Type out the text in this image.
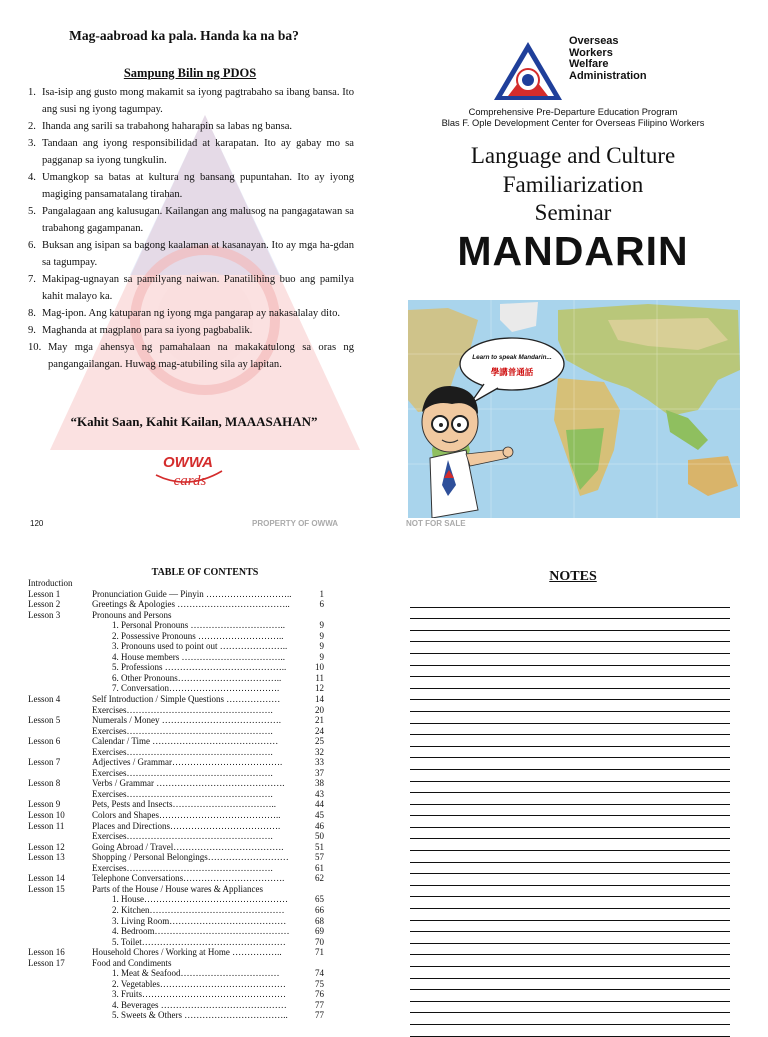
Mag-aabroad ka pala. Handa ka na ba?
Sampung Bilin ng PDOS
1. Isa-isip ang gusto mong makamit sa iyong pagtrabaho sa ibang bansa. Ito ang susi ng iyong tagumpay.
2. Ihanda ang sarili sa trabahong haharapin sa labas ng bansa.
3. Tandaan ang iyong responsibilidad at karapatan. Ito ay gabay mo sa pagganap sa iyong tungkulin.
4. Umangkop sa batas at kultura ng bansang pupuntahan. Ito ay iyong magiging pansamatalang tirahan.
5. Pangalagaan ang kalusugan. Kailangan ang malusog na pangagatawan sa trabahong gagampanan.
6. Buksan ang isipan sa bagong kaalaman at kasanayan. Ito ay mga ha-gdan sa tagumpay.
7. Makipag-ugnayan sa pamilyang naiwan. Panatilihing buo ang pamilya kahit malayo ka.
8. Mag-ipon. Ang katuparan ng iyong mga pangarap ay nakasalalay dito.
9. Maghanda at magplano para sa iyong pagbabalik.
10. May mga ahensya ng pamahalaan na makakatulong sa oras ng pangangailangan. Huwag mag-atubiling sila ay lapitan.
“Kahit Saan, Kahit Kailan, MAAASAHAN”
OWWA
cards
120	PROPERTY OF OWWA	NOT FOR SALE
Overseas
Workers
Welfare
Administration
Comprehensive Pre-Departure Education Program
Blas F. Ople Development Center for Overseas Filipino Workers
Language and Culture
Familiarization
Seminar
MANDARIN
Learn to speak Mandarin...
學講普通話
TABLE OF CONTENTS
Introduction
Lesson 1	Pronunciation Guide — Pinyin ………………………..	1
Lesson 2	Greetings & Apologies ………………………………..	6
Lesson 3	Pronouns and Persons
1. Personal Pronouns …………………………..	9
2. Possessive Pronouns ………………………..	9
3. Pronouns used to point out …………………..	9
4. House members ……………………………..	9
5. Professions …………………………………..	10
6. Other Pronouns……………………………..	11
7. Conversation……………………………….	12
Lesson 4	Self Introduction / Simple Questions ………………	14
Exercises………………………………………….	20
Lesson 5	Numerals / Money ………………………………….	21
Exercises………………………………………….	24
Lesson 6	Calendar / Time ……………………………………	25
Exercises………………………………………….	32
Lesson 7	Adjectives / Grammar……………………………….	33
Exercises………………………………………….	37
Lesson 8	Verbs / Grammar …………………………………….	38
Exercises………………………………………….	43
Lesson 9	Pets, Pests and Insects……………………………..	44
Lesson 10	Colors and Shapes…………………………………..	45
Lesson 11	Places and Directions……………………………….	46
Exercises………………………………………….	50
Lesson 12	Going Abroad / Travel……………………………….	51
Lesson 13	Shopping / Personal Belongings………………………	57
Exercises………………………………………….	61
Lesson 14	Telephone Conversations…………………………….	62
Lesson 15	Parts of the House / House wares & Appliances
1. House…………………………………………	65
2. Kitchen………………………………………	66
3. Living Room…………………………………	68
4. Bedroom………………………………………	69
5. Toilet…………………………………………	70
Lesson 16	Household Chores / Working at Home ……………..	71
Lesson 17	Food and Condiments
1. Meat & Seafood……………………………	74
2. Vegetables……………………………………	75
3. Fruits…………………………………………	76
4. Beverages ……………………………………	77
5. Sweets & Others ……………………………..	77
NOTES
